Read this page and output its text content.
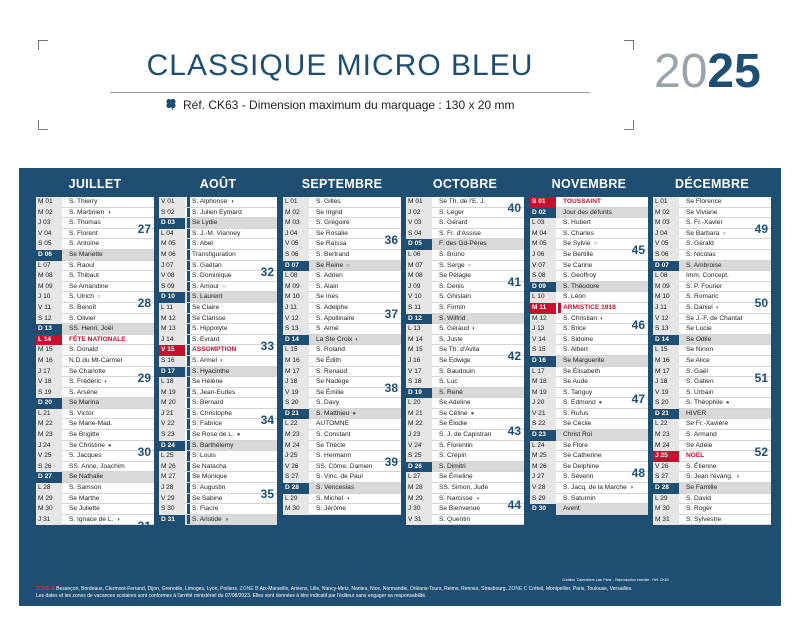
CLASSIQUE MICRO BLEU
Réf. CK63 - Dimension maximum du marquage : 130 x 20 mm
2025
JUILLET
M 01	S. Thierry
M 02	S. Martinien ◑
J 03	S. Thomas
V 04	S. Florent
S 05	S. Antoine
D 06	Se Mariette
L 07	S. Raoul
M 08	S. Thibaut
M 09	Se Amandine
J 10	S. Ulrich ○
V 11	S. Benoît
S 12	S. Olivier
D 13	SS. Henri, Joël
L 14	FÊTE NATIONALE
M 15	S. Donald
M 16	N.D.du Mt-Carmel
J 17	Se Charlotte
V 18	S. Frédéric ◐
S 19	S. Arsène
D 20	Se Marina
L 21	S. Victor
M 22	Se Marie-Mad.
M 23	Se Brigitte
J 24	Se Christine ●
V 25	S. Jacques
S 26	SS. Anne, Joachim
D 27	Se Nathalie
L 28	S. Samson
M 29	Se Marthe
M 30	Se Juliette
J 31	S. Ignace de L. ◑
27
28
29
30
31
AOÛT
V 01	S. Alphonse ◑
S 02	S. Julien Eymard
D 03	Se Lydie
L 04	S. J.-M. Vianney
M 05	S. Abel
M 06	Transfiguration
J 07	S. Gaëtan
V 08	S. Dominique
S 09	S. Amour ○
D 10	S. Laurent
L 11	Se Claire
M 12	Se Clarisse
M 13	S. Hippolyte
J 14	S. Evrard
V 15	ASSOMPTION
S 16	S. Armel ◐
D 17	S. Hyacinthe
L 18	Se Hélène
M 19	S. Jean-Eudes
M 20	S. Bernard
J 21	S. Christophe
V 22	S. Fabrice
S 23	Se Rose de L. ●
D 24	S. Barthélemy
L 25	S. Louis
M 26	Se Natacha
M 27	Se Monique
J 28	S. Augustin
V 29	Se Sabine
S 30	S. Fiacre
D 31	S. Aristide ◑
32
33
34
35
SEPTEMBRE
L 01	S. Gilles
M 02	Se Ingrid
M 03	S. Grégoire
J 04	Se Rosalie
V 05	Se Raïssa
S 06	S. Bertrand
D 07	Se Reine ○
L 08	S. Adrien
M 09	S. Alain
M 10	Se Inès
J 11	S. Adelphe
V 12	S. Apollinaire
S 13	S. Aimé
D 14	La Ste Croix ◐
L 15	S. Roland
M 16	Se Édith
M 17	S. Renaud
J 18	Se Nadège
V 19	Se Émilie
S 20	S. Davy
D 21	S. Matthieu ●
L 22	AUTOMNE
M 23	S. Constant
M 24	Se Thècle
J 25	S. Hermann
V 26	SS. Côme, Damien
S 27	S. Vinc. de Paul
D 28	S. Venceslas
L 29	S. Michel ◑
M 30	S. Jérôme
36
37
38
39
OCTOBRE
M 01	Se Th. de l'E. J.
J 02	S. Léger
V 03	S. Gérard
S 04	S. Fr. d'Assise
D 05	F. des Gd-Pères
L 06	S. Bruno
M 07	S. Serge ○
M 08	Se Pélagie
J 09	S. Denis
V 10	S. Ghislain
S 11	S. Firmin
D 12	S. Wilfrid
L 13	S. Géraud ◐
M 14	S. Juste
M 15	Se Th. d'Avila
J 16	Se Edwige
V 17	S. Baudouin
S 18	S. Luc
D 19	S. René
L 20	Se Adeline
M 21	Se Céline ●
M 22	Se Élodie
J 23	S. J. de Capistran
V 24	S. Florentin
S 25	S. Crépin
D 26	S. Dimitri
L 27	Se Émeline
M 28	SS. Simon, Jude
M 29	S. Narcisse ◑
J 30	Se Bienvenue
V 31	S. Quentin
40
41
42
43
44
NOVEMBRE
S 01	TOUSSAINT
D 02	Jour des défunts
L 03	S. Hubert
M 04	S. Charles
M 05	Se Sylvie ○
J 06	Se Bertille
V 07	Se Carine
S 08	S. Geoffroy
D 09	S. Théodore
L 10	S. Léon
M 11	ARMISTICE 1918
M 12	S. Christian ◐
J 13	S. Brice
V 14	S. Sidoine
S 15	S. Albert
D 16	Se Marguerite
L 17	Se Élisabeth
M 18	Se Aude
M 19	S. Tanguy
J 20	S. Edmond ●
V 21	S. Rufus
S 22	Se Cécile
D 23	Christ Roi
L 24	Se Flore
M 25	Se Catherine
M 26	Se Delphine
J 27	S. Séverin
V 28	S. Jacq. de la Marche ◑
S 29	S. Saturnin
D 30	Avent
45
46
47
48
DÉCEMBRE
L 01	Se Florence
M 02	Se Viviane
M 03	S. Fr.-Xavier
J 04	Se Barbara ○
V 05	S. Gérald
S 06	S. Nicolas
D 07	S. Ambroise
L 08	Imm. Concept.
M 09	S. P. Fourier
M 10	S. Romaric
J 11	S. Daniel ◐
V 12	Se J.-F. de Chantal
S 13	Se Lucie
D 14	Se Odile
L 15	Se Ninon
M 16	Se Alice
M 17	S. Gaël
J 18	S. Gatien
V 19	S. Urbain
S 20	S. Théophile ●
D 21	HIVER
L 22	Se Fr.-Xavière
M 23	S. Armand
M 24	Se Adèle
J 25	NOËL
V 26	S. Étienne
S 27	S. Jean l'évang. ◑
D 28	Se Famille
L 29	S. David
M 30	S. Roger
M 31	S. Sylvestre
49
50
51
52
ZONE A Besançon, Bordeaux, Clermont-Ferrand, Dijon, Grenoble, Limoges, Lyon, Poitiers. ZONE B Aix-Marseille, Amiens, Lille, Nancy-Metz, Nantes, Nice, Normandie, Orléans-Tours, Reims, Rennes, Strasbourg. ZONE C Créteil, Montpellier, Paris, Toulouse, Versailles.
Les dates et les zones de vacances scolaires sont conformes à l'arrêté ministériel du 07/08/2023. Elles sont données à titre indicatif par l'éditeur sans engager sa responsabilité.
Création 'Calendriers Lalu Paris' - Reproduction interdite - Réf. CK63
